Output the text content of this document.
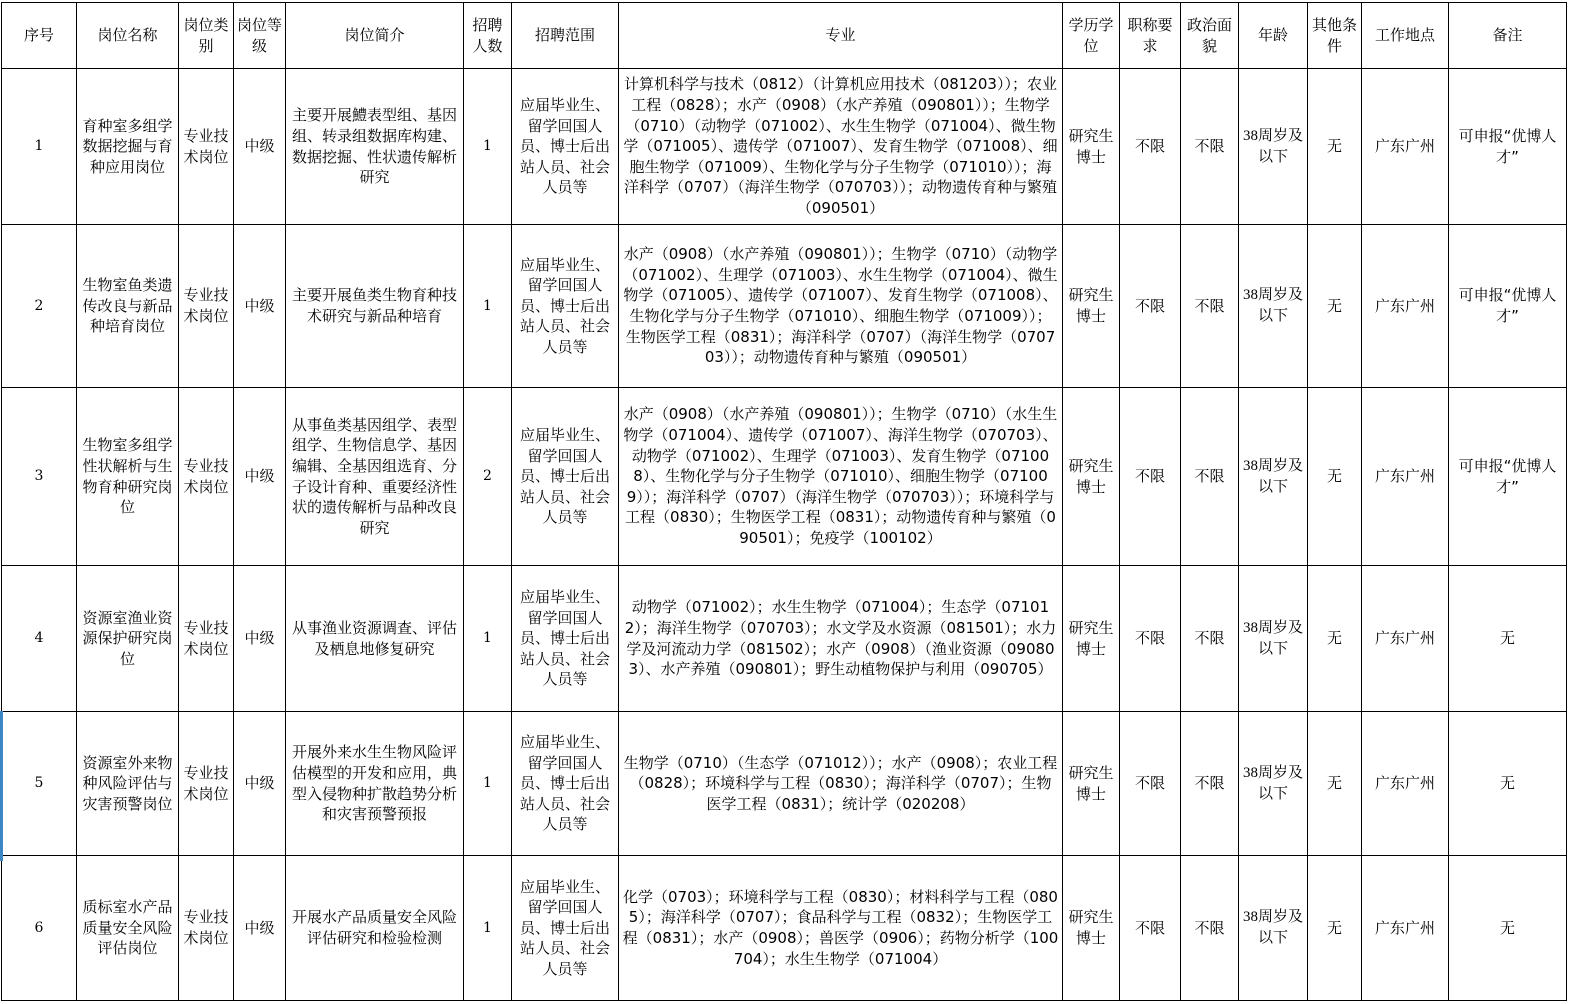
序号	岗位名称	岗位类别	岗位等级	岗位简介	招聘人数	招聘范围	专业	学历学位	职称要求	政治面貌	年龄	其他条件	工作地点	备注
1	育种室多组学数据挖掘与育种应用岗位	专业技术岗位	中级	主要开展鱧表型组、基因组、转录组数据库构建、数据挖掘、性状遗传解析研究	1	应届毕业生、留学回国人员、博士后出站人员、社会人员等	计算机科学与技术（0812）（计算机应用技术（081203））；农业工程（0828）；水产（0908）（水产养殖（090801））；生物学（0710）（动物学（071002）、水生生物学（071004）、微生物学（071005）、遗传学（071007）、发育生物学（071008）、细胞生物学（071009）、生物化学与分子生物学（071010））；海洋科学（0707）（海洋生物学（070703））；动物遗传育种与繁殖（090501）	研究生博士	不限	不限	38周岁及以下	无	广东广州	可申报“优博人才”
2	生物室鱼类遗传改良与新品种培育岗位	专业技术岗位	中级	主要开展鱼类生物育种技术研究与新品种培育	1	应届毕业生、留学回国人员、博士后出站人员、社会人员等	水产（0908）（水产养殖（090801））；生物学（0710）（动物学（071002）、生理学（071003）、水生生物学（071004）、微生物学（071005）、遗传学（071007）、发育生物学（071008）、生物化学与分子生物学（071010）、细胞生物学（071009））；生物医学工程（0831）；海洋科学（0707）（海洋生物学（070703））；动物遗传育种与繁殖（090501）	研究生博士	不限	不限	38周岁及以下	无	广东广州	可申报“优博人才”
3	生物室多组学性状解析与生物育种研究岗位	专业技术岗位	中级	从事鱼类基因组学、表型组学、生物信息学、基因编辑、全基因组选育、分子设计育种、重要经济性状的遗传解析与品种改良研究	2	应届毕业生、留学回国人员、博士后出站人员、社会人员等	水产（0908）（水产养殖（090801））；生物学（0710）（水生生物学（071004）、遗传学（071007）、海洋生物学（070703）、动物学（071002）、生理学（071003）、发育生物学（071008）、生物化学与分子生物学（071010）、细胞生物学（071009））；海洋科学（0707）（海洋生物学（070703））；环境科学与工程（0830）；生物医学工程（0831）；动物遗传育种与繁殖（090501）；免疫学（100102）	研究生博士	不限	不限	38周岁及以下	无	广东广州	可申报“优博人才”
4	资源室渔业资源保护研究岗位	专业技术岗位	中级	从事渔业资源调查、评估及栖息地修复研究	1	应届毕业生、留学回国人员、博士后出站人员、社会人员等	动物学（071002）；水生生物学（071004）；生态学（071012）；海洋生物学（070703）；水文学及水资源（081501）；水力学及河流动力学（081502）；水产（0908）（渔业资源（090803）、水产养殖（090801）；野生动植物保护与利用（090705）	研究生博士	不限	不限	38周岁及以下	无	广东广州	无
5	资源室外来物种风险评估与灾害预警岗位	专业技术岗位	中级	开展外来水生生物风险评估模型的开发和应用，典型入侵物种扩散趋势分析和灾害预警预报	1	应届毕业生、留学回国人员、博士后出站人员、社会人员等	生物学（0710）（生态学（071012））；水产（0908）；农业工程（0828）；环境科学与工程（0830）；海洋科学（0707）；生物医学工程（0831）；统计学（020208）	研究生博士	不限	不限	38周岁及以下	无	广东广州	无
6	质标室水产品质量安全风险评估岗位	专业技术岗位	中级	开展水产品质量安全风险评估研究和检验检测	1	应届毕业生、留学回国人员、博士后出站人员、社会人员等	化学（0703）；环境科学与工程（0830）；材料科学与工程（0805）；海洋科学（0707）；食品科学与工程（0832）；生物医学工程（0831）；水产（0908）；兽医学（0906）；药物分析学（100704）；水生生物学（071004）	研究生博士	不限	不限	38周岁及以下	无	广东广州	无
